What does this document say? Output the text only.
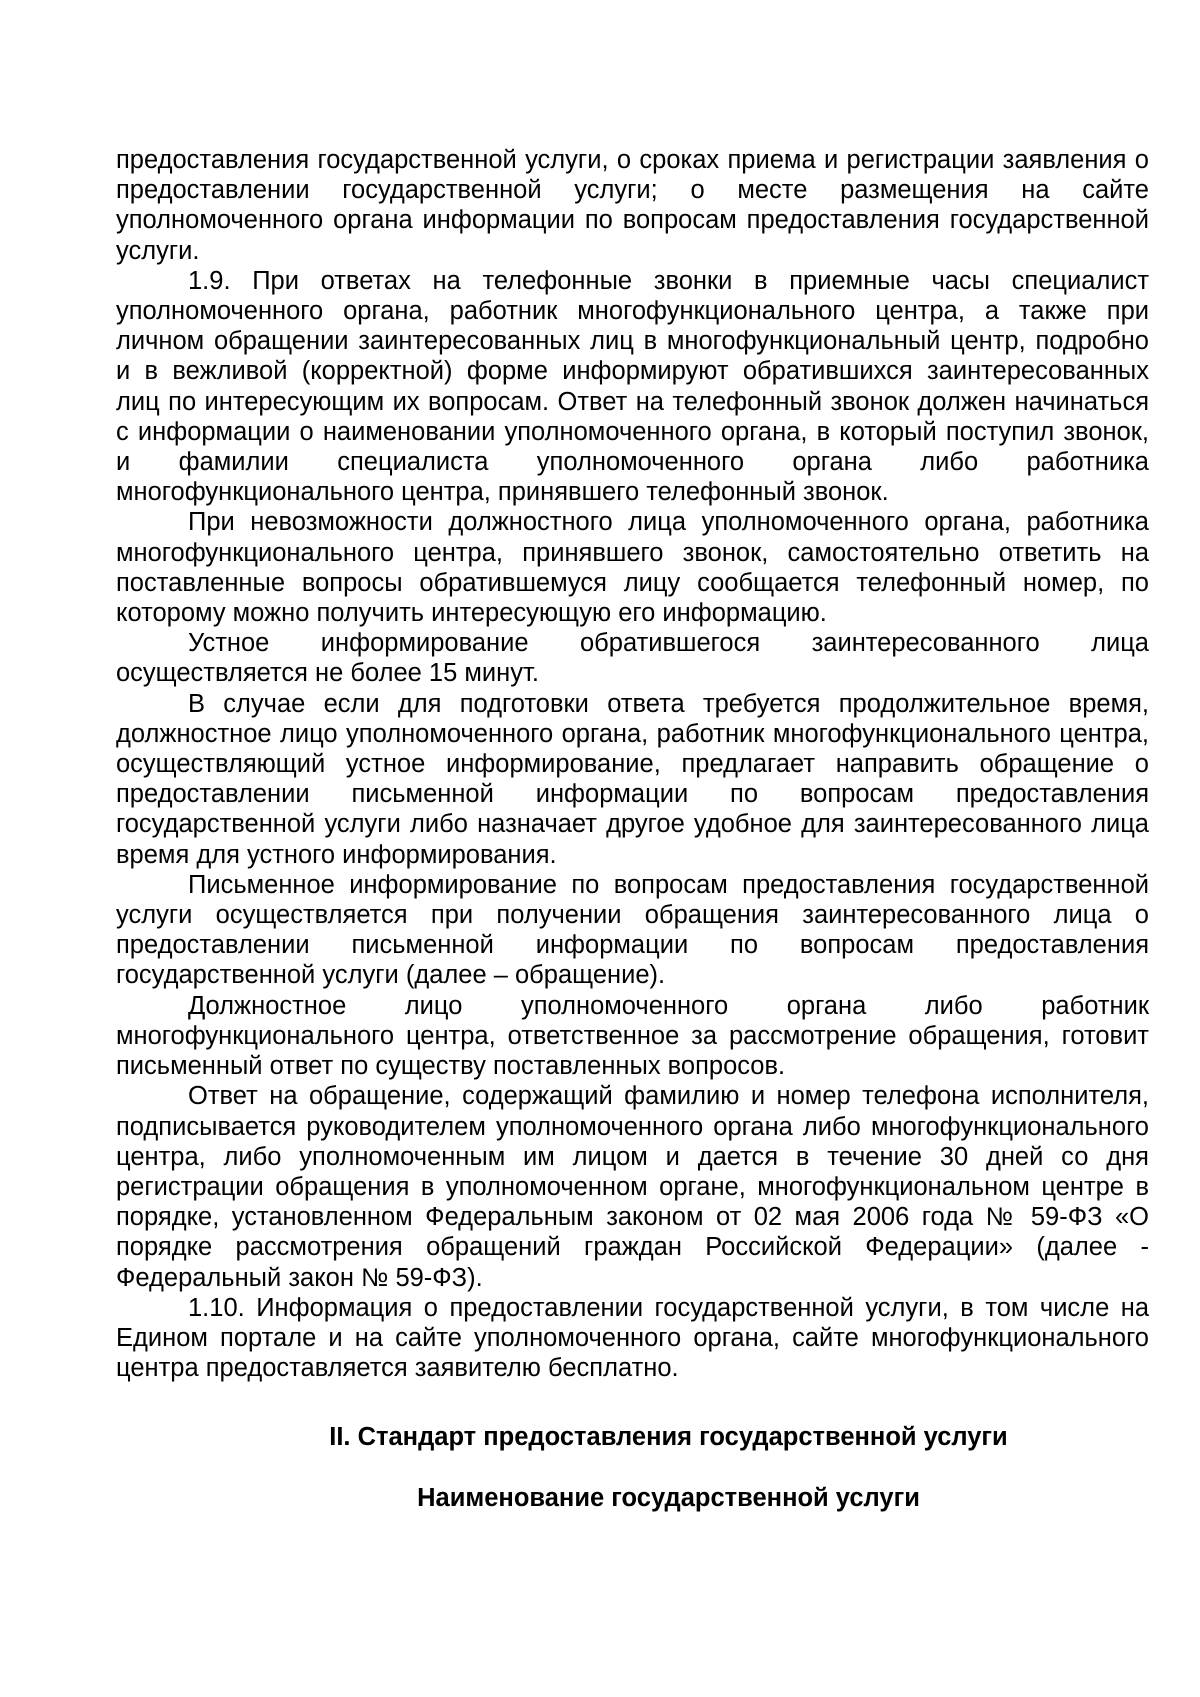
предоставления государственной услуги, о сроках приема и регистрации заявления о предоставлении государственной услуги; о месте размещения на сайте уполномоченного органа информации по вопросам предоставления государственной услуги.

1.9. При ответах на телефонные звонки в приемные часы специалист уполномоченного органа, работник многофункционального центра, а также при личном обращении заинтересованных лиц в многофункциональный центр, подробно и в вежливой (корректной) форме информируют обратившихся заинтересованных лиц по интересующим их вопросам. Ответ на телефонный звонок должен начинаться с информации о наименовании уполномоченного органа, в который поступил звонок, и фамилии специалиста уполномоченного органа либо работника многофункционального центра, принявшего телефонный звонок.

При невозможности должностного лица уполномоченного органа, работника многофункционального центра, принявшего звонок, самостоятельно ответить на поставленные вопросы обратившемуся лицу сообщается телефонный номер, по которому можно получить интересующую его информацию.

Устное информирование обратившегося заинтересованного лица осуществляется не более 15 минут.

В случае если для подготовки ответа требуется продолжительное время, должностное лицо уполномоченного органа, работник многофункционального центра, осуществляющий устное информирование, предлагает направить обращение о предоставлении письменной информации по вопросам предоставления государственной услуги либо назначает другое удобное для заинтересованного лица время для устного информирования.

Письменное информирование по вопросам предоставления государственной услуги осуществляется при получении обращения заинтересованного лица о предоставлении письменной информации по вопросам предоставления государственной услуги (далее – обращение).

Должностное лицо уполномоченного органа либо работник многофункционального центра, ответственное за рассмотрение обращения, готовит письменный ответ по существу поставленных вопросов.

Ответ на обращение, содержащий фамилию и номер телефона исполнителя, подписывается руководителем уполномоченного органа либо многофункционального центра, либо уполномоченным им лицом и дается в течение 30 дней со дня регистрации обращения в уполномоченном органе, многофункциональном центре в порядке, установленном Федеральным законом от 02 мая 2006 года № 59-ФЗ «О порядке рассмотрения обращений граждан Российской Федерации» (далее - Федеральный закон № 59-ФЗ).

1.10. Информация о предоставлении государственной услуги, в том числе на Едином портале и на сайте уполномоченного органа, сайте многофункционального центра предоставляется заявителю бесплатно.

II. Стандарт предоставления государственной услуги

Наименование государственной услуги
